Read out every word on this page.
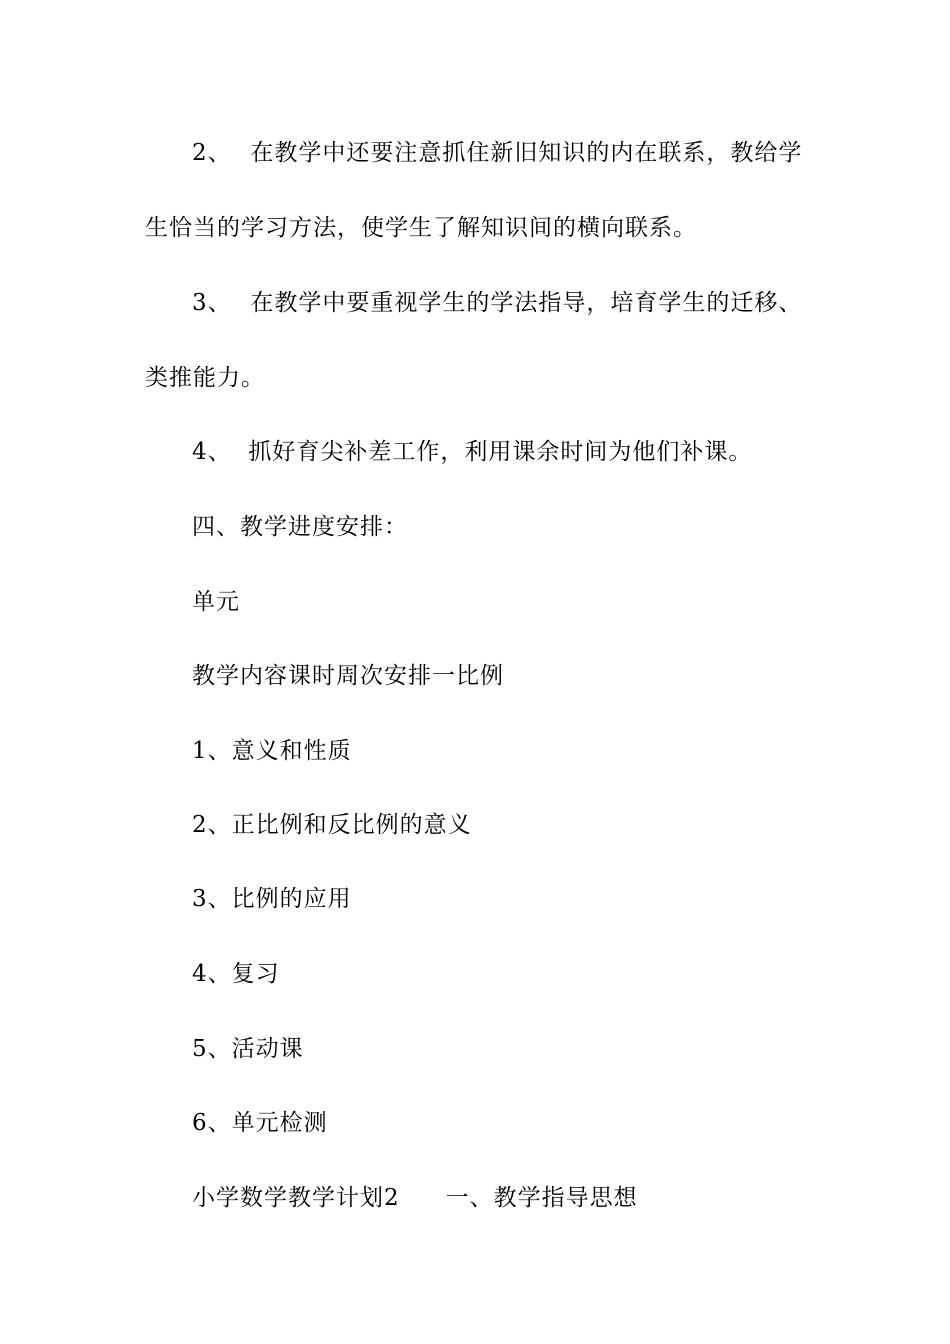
2、 在教学中还要注意抓住新旧知识的内在联系，教给学
生恰当的学习方法，使学生了解知识间的横向联系。
3、 在教学中要重视学生的学法指导，培育学生的迁移、
类推能力。
4、 抓好育尖补差工作，利用课余时间为他们补课。
四、教学进度安排：
单元
教学内容课时周次安排一比例
1、意义和性质
2、正比例和反比例的意义
3、比例的应用
4、复习
5、活动课
6、单元检测
小学数学教学计划2 一、教学指导思想
